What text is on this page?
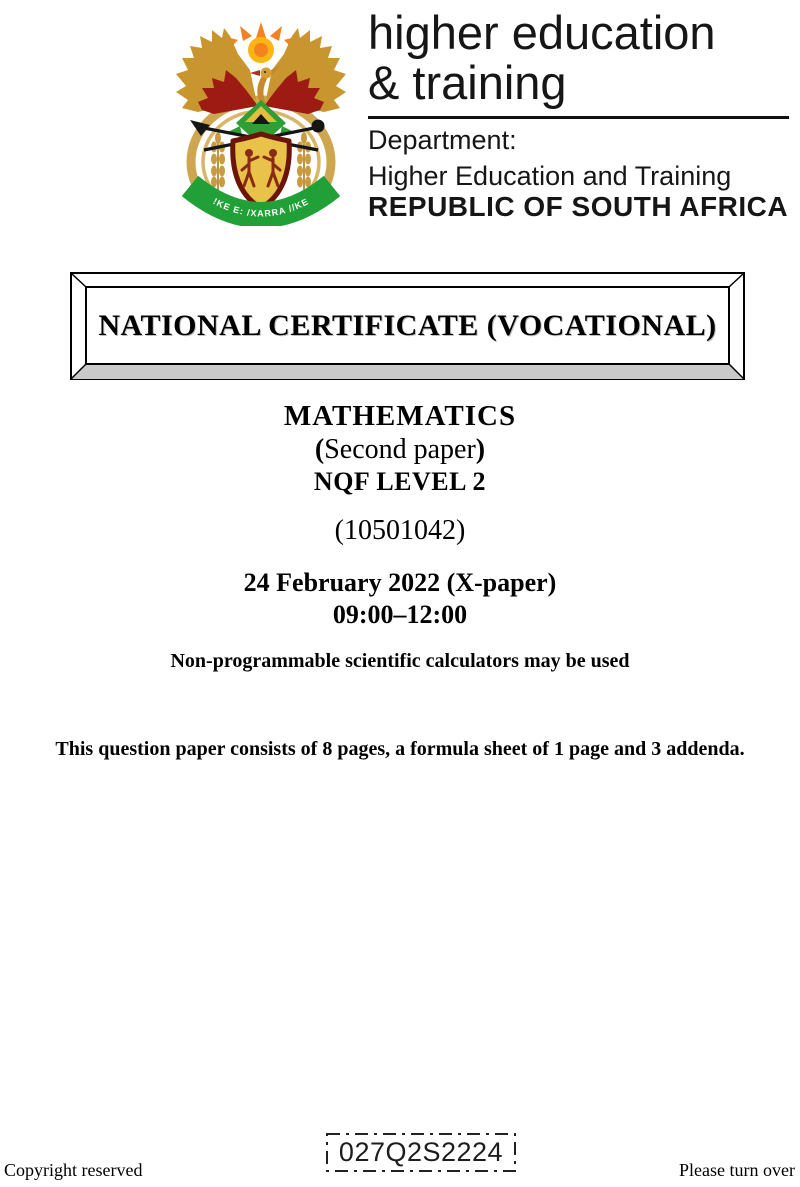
!KE E: /XARRA //KE
higher education
& training
Department:
Higher Education and Training
REPUBLIC OF SOUTH AFRICA
NATIONAL CERTIFICATE (VOCATIONAL)
MATHEMATICS
(Second paper)
NQF LEVEL 2
(10501042)
24 February 2022 (X-paper)
09:00–12:00
Non-programmable scientific calculators may be used
This question paper consists of 8 pages, a formula sheet of 1 page and 3 addenda.
027Q2S2224
Copyright reserved	Please turn over
